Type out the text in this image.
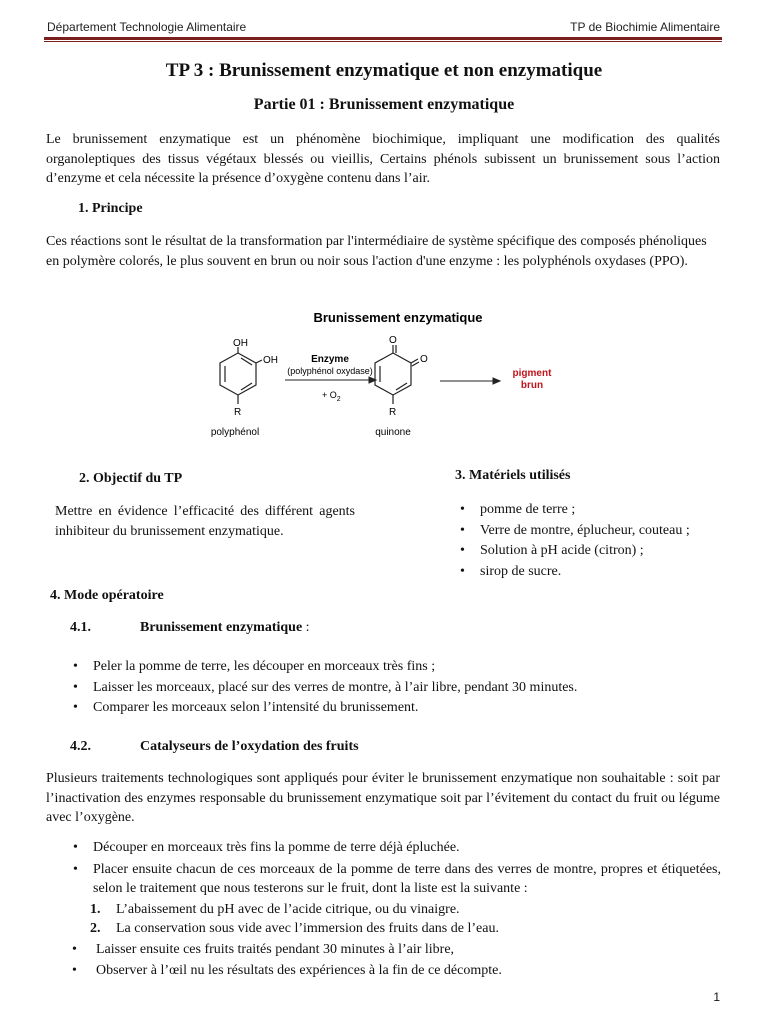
Département Technologie Alimentaire	TP de Biochimie Alimentaire
TP 3 : Brunissement enzymatique et non enzymatique
Partie 01 : Brunissement enzymatique
Le brunissement enzymatique est un phénomène biochimique, impliquant une modification des qualités organoleptiques des tissus végétaux blessés ou vieillis, Certains phénols subissent un brunissement sous l’action d’enzyme et cela nécessite la présence d’oxygène contenu dans l’air.
1. Principe
Ces réactions sont le résultat de la transformation par l'intermédiaire de système spécifique des composés phénoliques en polymère colorés, le plus souvent en brun ou noir sous l'action d'une enzyme : les polyphénols oxydases (PPO).
Brunissement enzymatique
OH
OH
R
polyphénol
Enzyme
(polyphénol oxydase)
+ $O_2$
O
O
R
quinone
pigment
brun
2. Objectif du TP
Mettre en évidence l’efficacité des différent agents inhibiteur du brunissement enzymatique.
3. Matériels utilisés
• pomme de terre ;
• Verre de montre, éplucheur, couteau ;
• Solution à pH acide (citron) ;
• sirop de sucre.
4. Mode opératoire
4.1.	Brunissement enzymatique :
• Peler la pomme de terre, les découper en morceaux très fins ;
• Laisser les morceaux, placé sur des verres de montre, à l’air libre, pendant 30 minutes.
• Comparer les morceaux selon l’intensité du brunissement.
4.2.	Catalyseurs de l’oxydation des fruits
Plusieurs traitements technologiques sont appliqués pour éviter le brunissement enzymatique non souhaitable : soit par l’inactivation des enzymes responsable du brunissement enzymatique soit par l’évitement du contact du fruit ou légume avec l’oxygène.
• Découper en morceaux très fins la pomme de terre déjà épluchée.
• Placer ensuite chacun de ces morceaux de la pomme de terre dans des verres de montre, propres et étiquetées, selon le traitement que nous testerons sur le fruit, dont la liste est la suivante :
1. L’abaissement du pH avec de l’acide citrique, ou du vinaigre.
2. La conservation sous vide avec l’immersion des fruits dans de l’eau.
• Laisser ensuite ces fruits traités pendant 30 minutes à l’air libre,
• Observer à l’œil nu les résultats des expériences à la fin de ce décompte.
1
